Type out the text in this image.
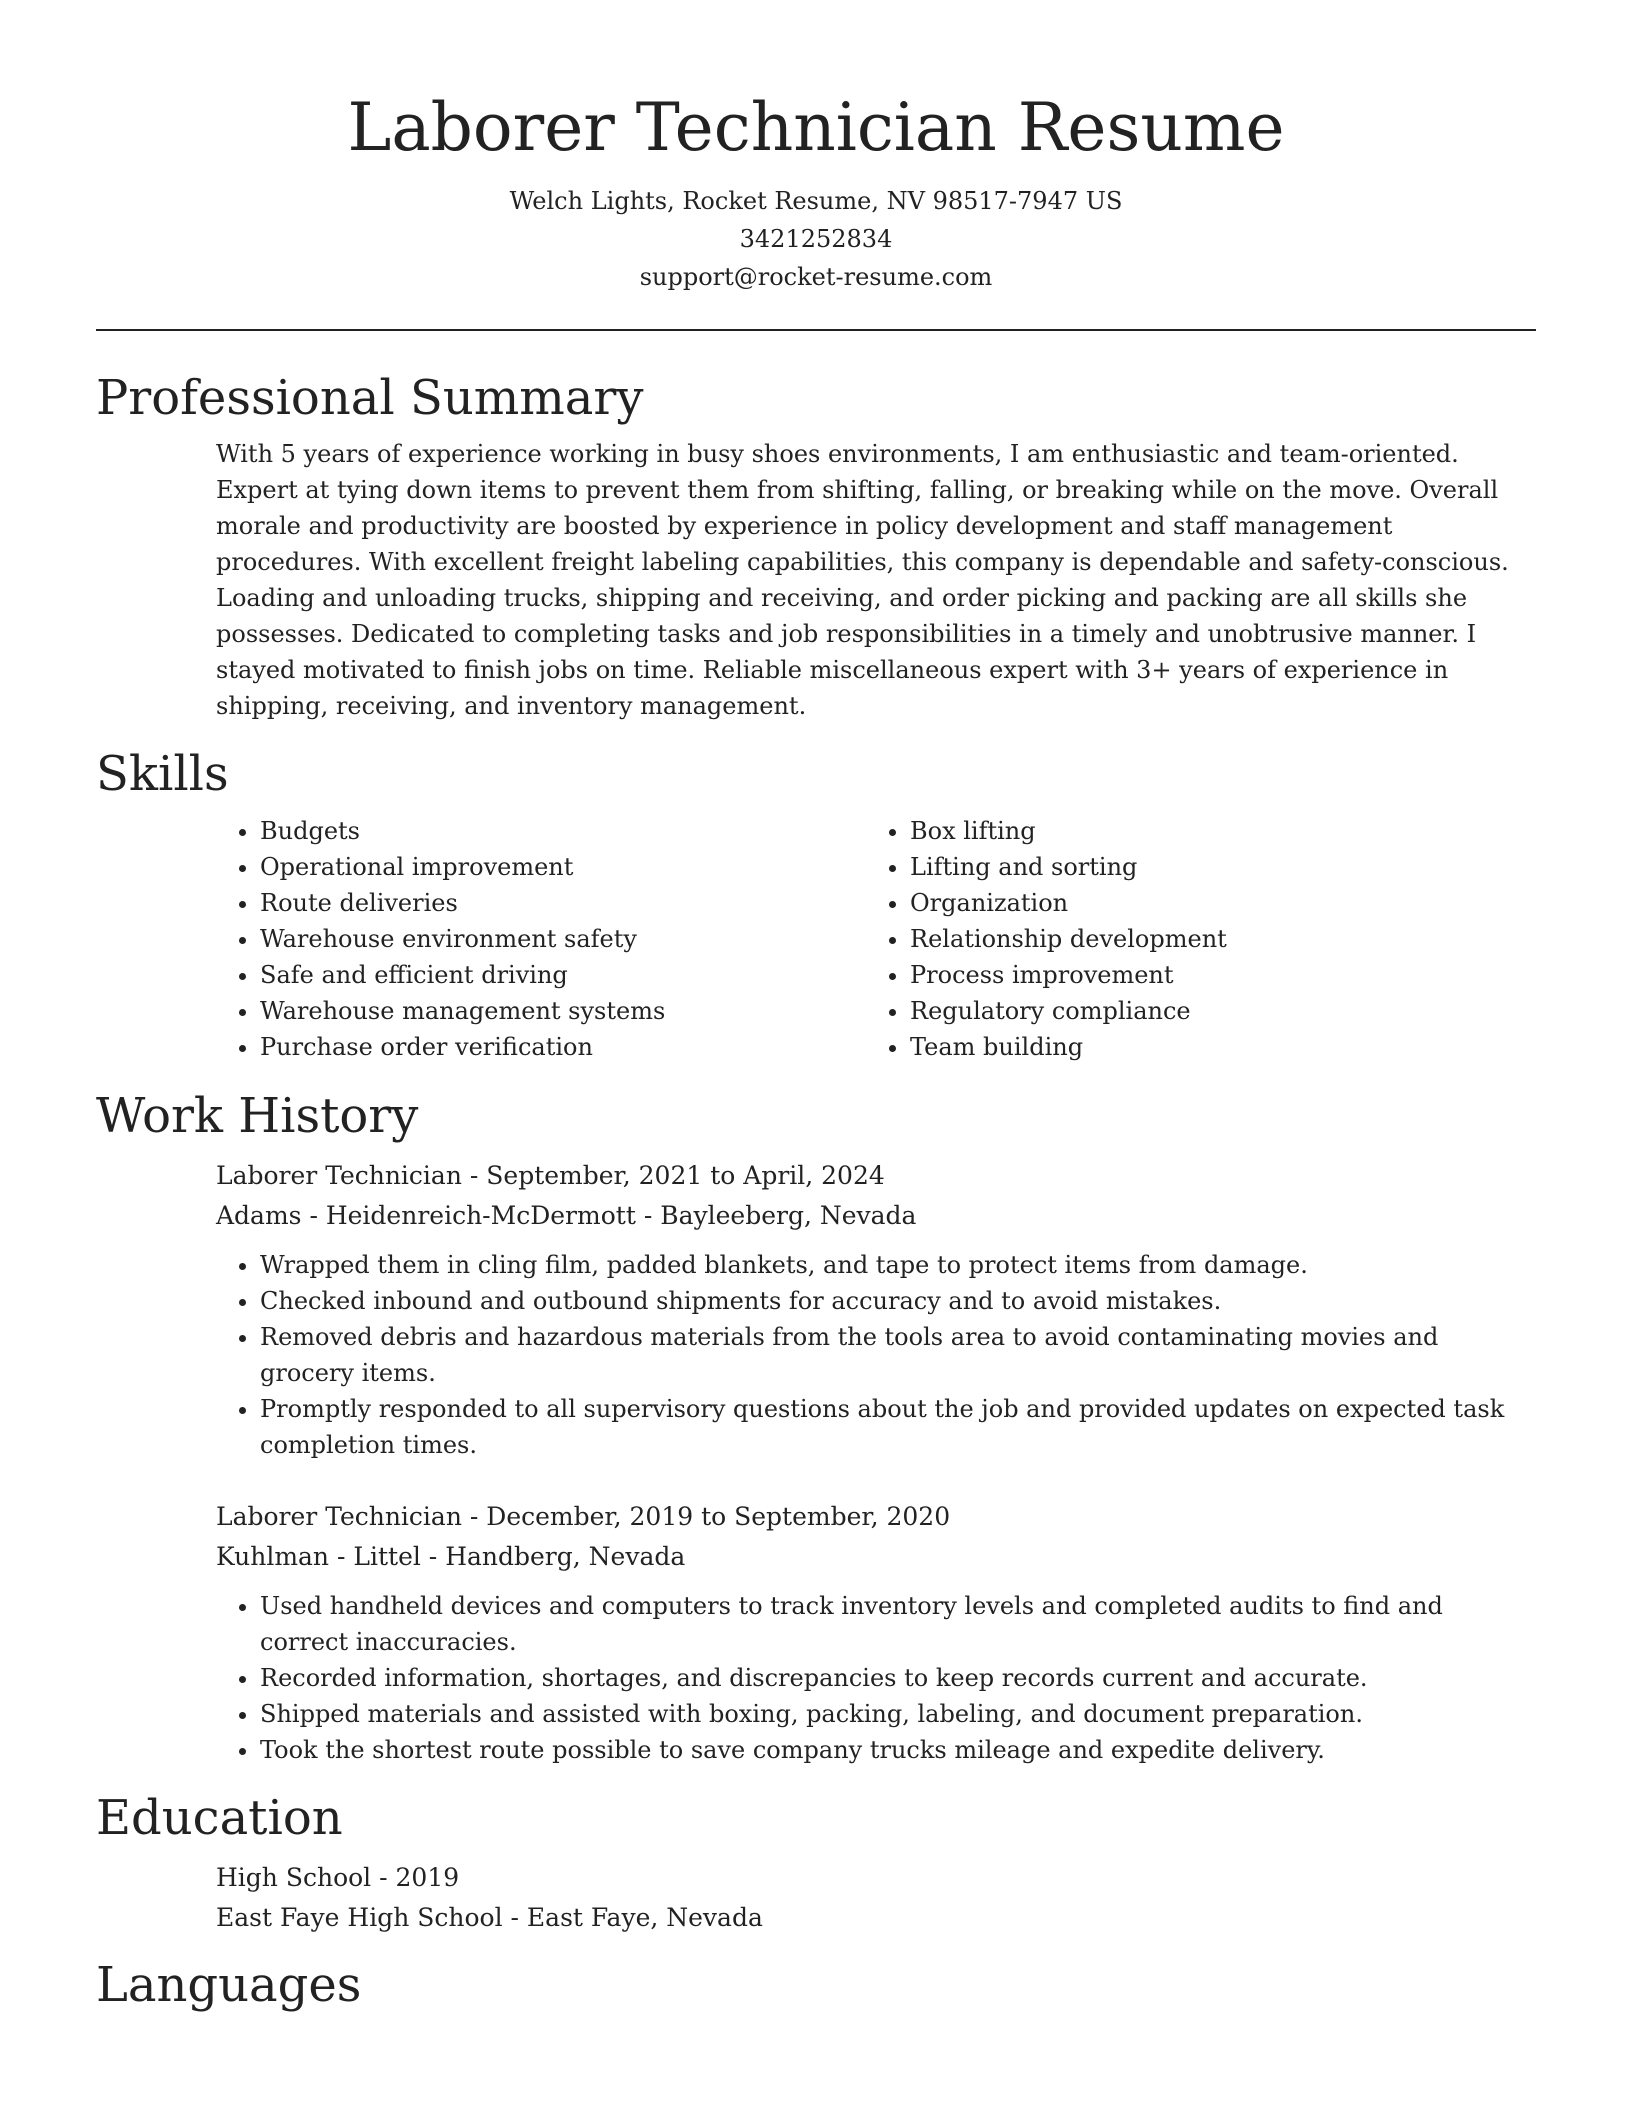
Laborer Technician Resume
Welch Lights, Rocket Resume, NV 98517-7947 US
3421252834
support@rocket-resume.com
Professional Summary

With 5 years of experience working in busy shoes environments, I am enthusiastic and team-oriented. Expert at tying down items to prevent them from shifting, falling, or breaking while on the move. Overall morale and productivity are boosted by experience in policy development and staff management procedures. With excellent freight labeling capabilities, this company is dependable and safety-conscious. Loading and unloading trucks, shipping and receiving, and order picking and packing are all skills she possesses. Dedicated to completing tasks and job responsibilities in a timely and unobtrusive manner. I stayed motivated to finish jobs on time. Reliable miscellaneous expert with 3+ years of experience in shipping, receiving, and inventory management.

Skills
• Budgets
• Operational improvement
• Route deliveries
• Warehouse environment safety
• Safe and efficient driving
• Warehouse management systems
• Purchase order verification
• Box lifting
• Lifting and sorting
• Organization
• Relationship development
• Process improvement
• Regulatory compliance
• Team building
Work History

Laborer Technician - September, 2021 to April, 2024

Adams - Heidenreich-McDermott - Bayleeberg, Nevada

• Wrapped them in cling film, padded blankets, and tape to protect items from damage.
• Checked inbound and outbound shipments for accuracy and to avoid mistakes.
• Removed debris and hazardous materials from the tools area to avoid contaminating movies and grocery items.
• Promptly responded to all supervisory questions about the job and provided updates on expected task completion times.

Laborer Technician - December, 2019 to September, 2020

Kuhlman - Littel - Handberg, Nevada

• Used handheld devices and computers to track inventory levels and completed audits to find and correct inaccuracies.
• Recorded information, shortages, and discrepancies to keep records current and accurate.
• Shipped materials and assisted with boxing, packing, labeling, and document preparation.
• Took the shortest route possible to save company trucks mileage and expedite delivery.
Education

High School - 2019

East Faye High School - East Faye, Nevada

Languages
